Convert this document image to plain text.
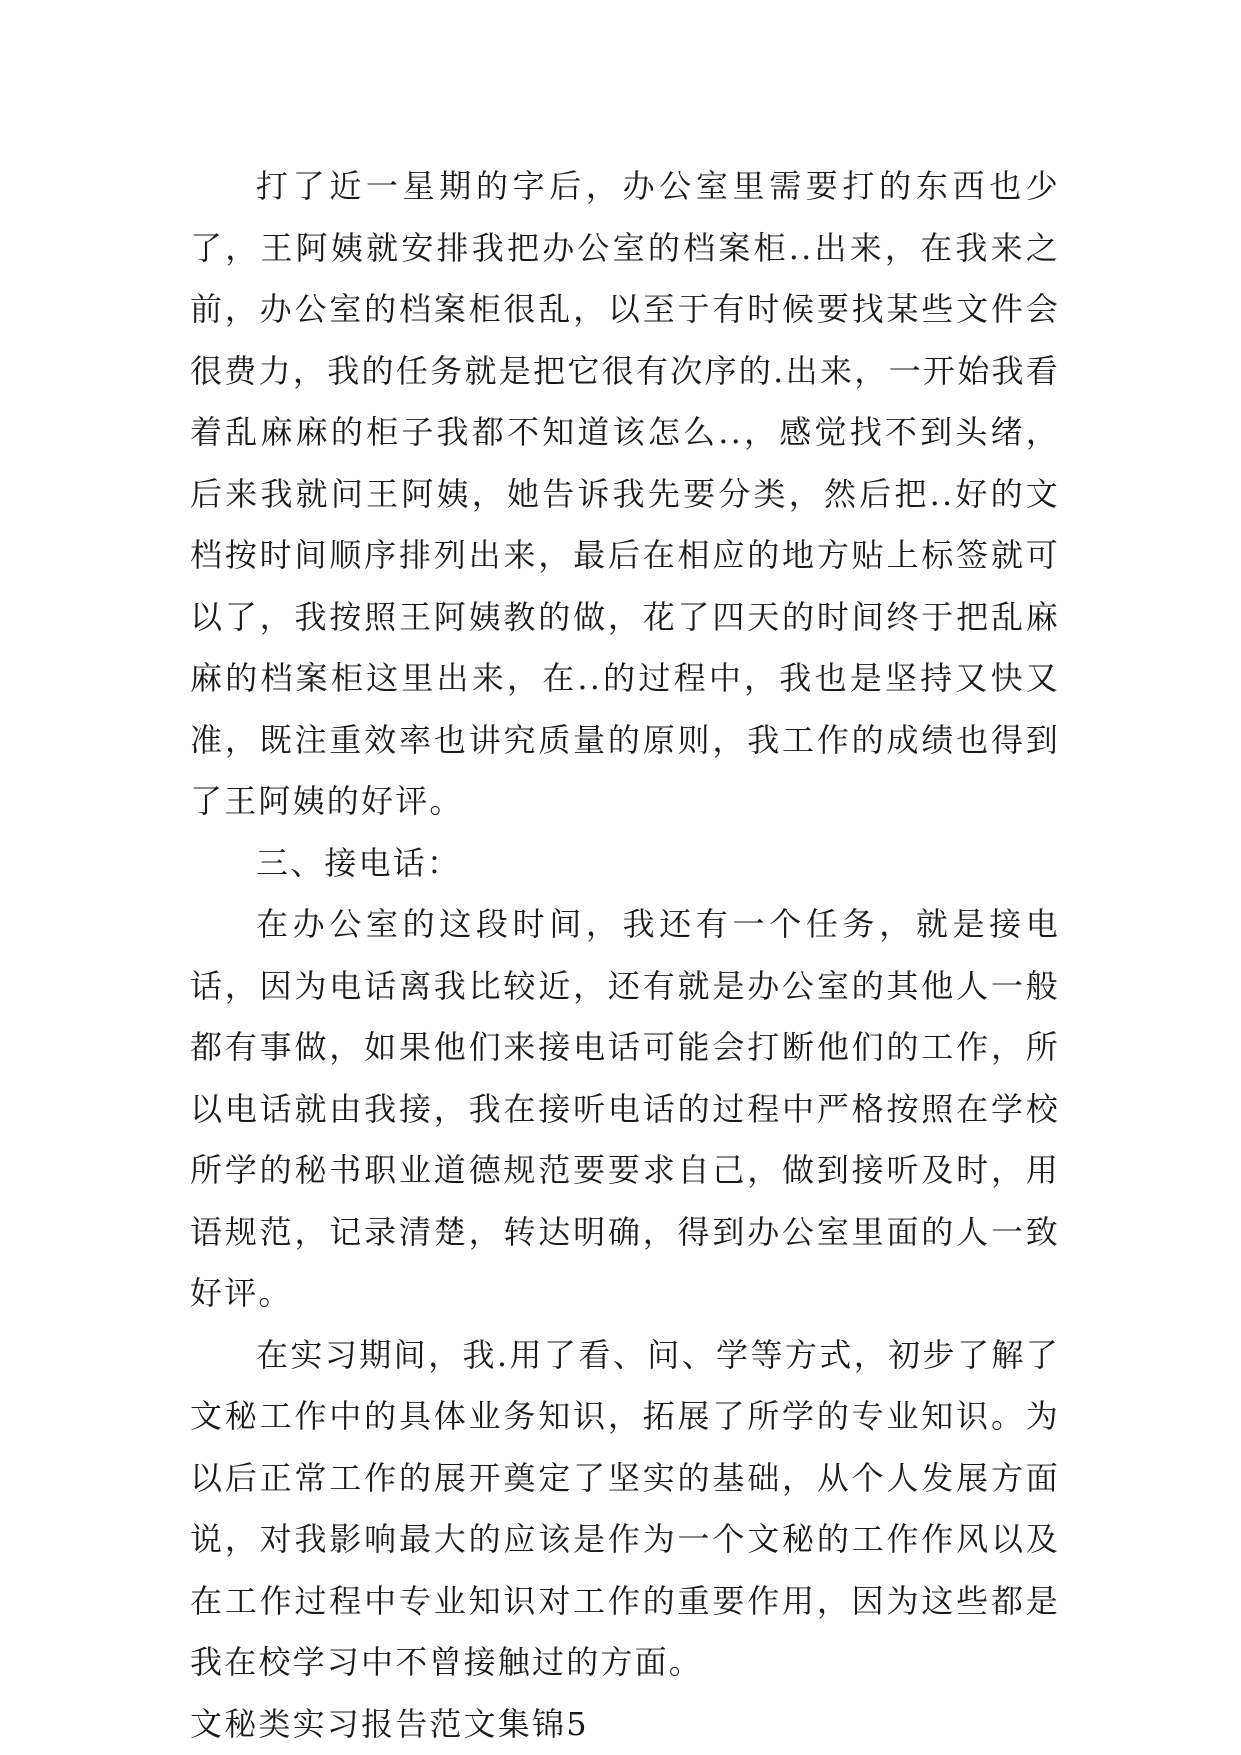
打了近一星期的字后，办公室里需要打的东西也少了，王阿姨就安排我把办公室的档案柜..出来，在我来之前，办公室的档案柜很乱，以至于有时候要找某些文件会很费力，我的任务就是把它很有次序的.出来，一开始我看着乱麻麻的柜子我都不知道该怎么..，感觉找不到头绪，后来我就问王阿姨，她告诉我先要分类，然后把..好的文档按时间顺序排列出来，最后在相应的地方贴上标签就可以了，我按照王阿姨教的做，花了四天的时间终于把乱麻麻的档案柜这里出来，在..的过程中，我也是坚持又快又准，既注重效率也讲究质量的原则，我工作的成绩也得到了王阿姨的好评。

三、接电话：

在办公室的这段时间，我还有一个任务，就是接电话，因为电话离我比较近，还有就是办公室的其他人一般都有事做，如果他们来接电话可能会打断他们的工作，所以电话就由我接，我在接听电话的过程中严格按照在学校所学的秘书职业道德规范要要求自己，做到接听及时，用语规范，记录清楚，转达明确，得到办公室里面的人一致好评。

在实习期间，我.用了看、问、学等方式，初步了解了文秘工作中的具体业务知识，拓展了所学的专业知识。为以后正常工作的展开奠定了坚实的基础，从个人发展方面说，对我影响最大的应该是作为一个文秘的工作作风以及在工作过程中专业知识对工作的重要作用，因为这些都是我在校学习中不曾接触过的方面。

文秘类实习报告范文集锦5
